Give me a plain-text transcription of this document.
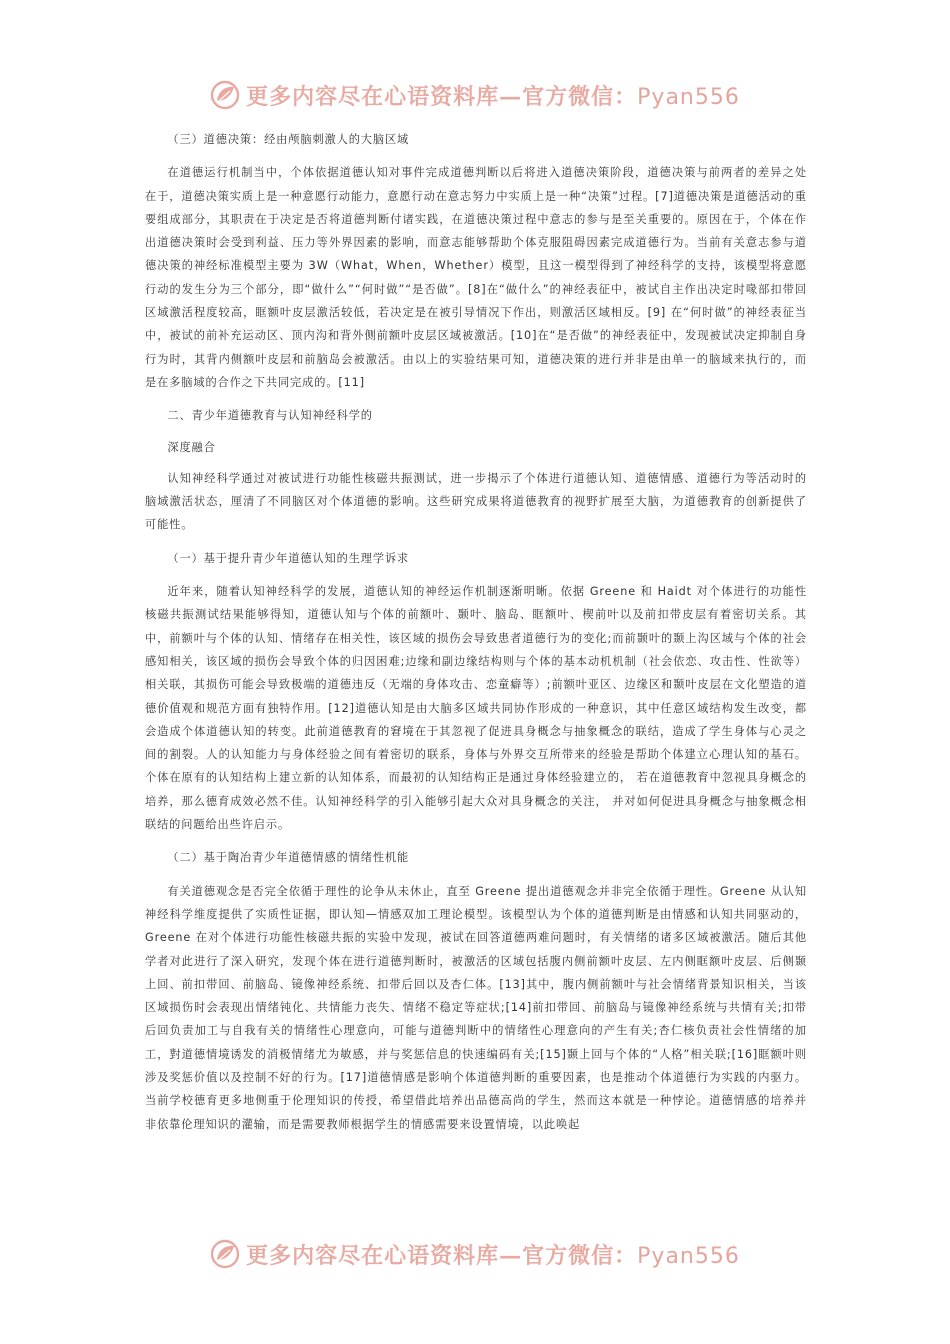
更多内容尽在心语资料库—官方微信：Pyan556

（三）道德决策：经由颅脑刺激人的大脑区域

在道德运行机制当中，个体依据道德认知对事件完成道德判断以后将进入道德决策阶段，道德决策与前两者的差异之处在于，道德决策实质上是一种意愿行动能力，意愿行动在意志努力中实质上是一种“决策”过程。[7]道德决策是道德活动的重要组成部分，其职责在于决定是否将道德判断付诸实践，在道德决策过程中意志的参与是至关重要的。原因在于，个体在作出道德决策时会受到利益、压力等外界因素的影响，而意志能够帮助个体克服阻碍因素完成道德行为。当前有关意志参与道德决策的神经标准模型主要为 3W（What，When，Whether）模型，且这一模型得到了神经科学的支持，该模型将意愿行动的发生分为三个部分，即“做什么”“何时做”“是否做”。[8]在“做什么”的神经表征中，被试自主作出决定时喙部扣带回区域激活程度较高，眶额叶皮层激活较低，若决定是在被引导情况下作出，则激活区域相反。[9] 在“何时做”的神经表征当中，被试的前补充运动区、顶内沟和背外侧前额叶皮层区域被激活。[10]在“是否做”的神经表征中，发现被试决定抑制自身行为时，其背内侧额叶皮层和前脑岛会被激活。由以上的实验结果可知，道德决策的进行并非是由单一的脑域来执行的，而是在多脑域的合作之下共同完成的。[11]

二、青少年道德教育与认知神经科学的

深度融合

认知神经科学通过对被试进行功能性核磁共振测试，进一步揭示了个体进行道德认知、道德情感、道德行为等活动时的脑域激活状态，厘清了不同脑区对个体道德的影响。这些研究成果将道德教育的视野扩展至大脑，为道德教育的创新提供了可能性。

（一）基于提升青少年道德认知的生理学诉求

近年来，随着认知神经科学的发展，道德认知的神经运作机制逐渐明晰。依据 Greene 和 Haidt 对个体进行的功能性核磁共振测试结果能够得知，道德认知与个体的前额叶、颞叶、脑岛、眶额叶、楔前叶以及前扣带皮层有着密切关系。其中，前额叶与个体的认知、情绪存在相关性，该区域的损伤会导致患者道德行为的变化;而前颞叶的颞上沟区域与个体的社会感知相关，该区域的损伤会导致个体的归因困难;边缘和副边缘结构则与个体的基本动机机制（社会依恋、攻击性、性欲等）相关联，其损伤可能会导致极端的道德违反（无端的身体攻击、恋童癖等）;前额叶亚区、边缘区和颞叶皮层在文化塑造的道德价值观和规范方面有独特作用。[12]道德认知是由大脑多区域共同协作形成的一种意识，其中任意区域结构发生改变，都会造成个体道德认知的转变。此前道德教育的窘境在于其忽视了促进具身概念与抽象概念的联结，造成了学生身体与心灵之间的割裂。人的认知能力与身体经验之间有着密切的联系，身体与外界交互所带来的经验是帮助个体建立心理认知的基石。个体在原有的认知结构上建立新的认知体系，而最初的认知结构正是通过身体经验建立的， 若在道德教育中忽视具身概念的培养，那么德育成效必然不佳。认知神经科学的引入能够引起大众对具身概念的关注， 并对如何促进具身概念与抽象概念相联结的问题给出些许启示。

（二）基于陶冶青少年道德情感的情绪性机能

有关道德观念是否完全依循于理性的论争从未休止，直至 Greene 提出道德观念并非完全依循于理性。Greene 从认知神经科学维度提供了实质性证据，即认知—情感双加工理论模型。该模型认为个体的道德判断是由情感和认知共同驱动的，Greene 在对个体进行功能性核磁共振的实验中发现，被试在回答道德两难问题时，有关情绪的诸多区域被激活。随后其他学者对此进行了深入研究，发现个体在进行道德判断时，被激活的区域包括腹内侧前额叶皮层、左内侧眶额叶皮层、后侧颞上回、前扣带回、前脑岛、镜像神经系统、扣带后回以及杏仁体。[13]其中，腹内侧前额叶与社会情绪背景知识相关，当该区域损伤时会表现出情绪钝化、共情能力丧失、情绪不稳定等症状;[14]前扣带回、前脑岛与镜像神经系统与共情有关;扣带后回负责加工与自我有关的情绪性心理意向，可能与道德判断中的情绪性心理意向的产生有关;杏仁核负责社会性情绪的加工，對道德情境诱发的消极情绪尤为敏感，并与奖惩信息的快速编码有关;[15]颞上回与个体的“人格”相关联;[16]眶额叶则涉及奖惩价值以及控制不好的行为。[17]道德情感是影响个体道德判断的重要因素，也是推动个体道德行为实践的内驱力。当前学校德育更多地侧重于伦理知识的传授，希望借此培养出品德高尚的学生，然而这本就是一种悖论。道德情感的培养并非依靠伦理知识的灌输，而是需要教师根据学生的情感需要来设置情境，以此唤起

更多内容尽在心语资料库—官方微信：Pyan556
